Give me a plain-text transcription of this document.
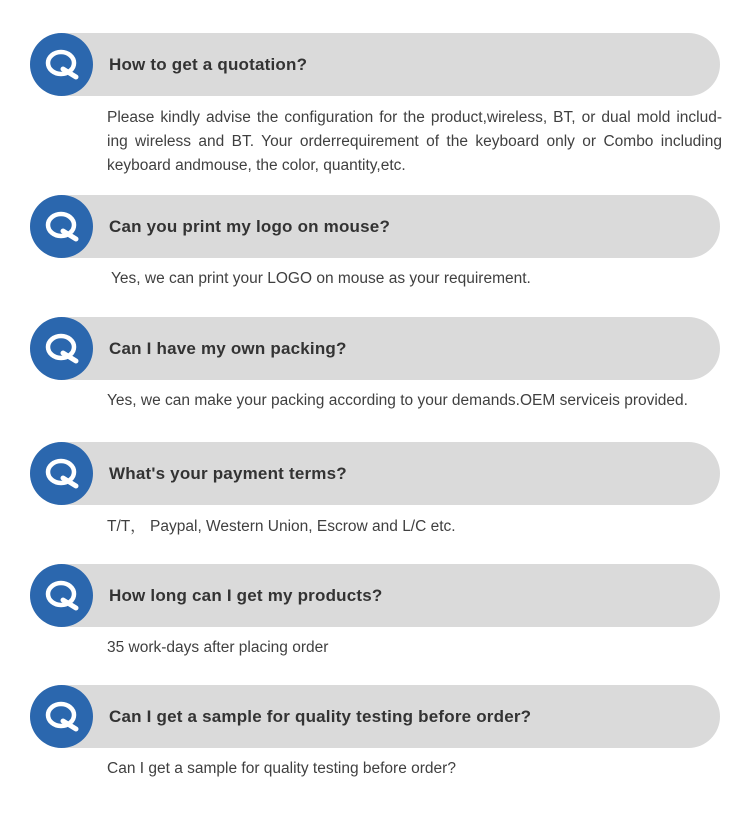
How to get a quotation?
Please kindly advise the configuration for the product,wireless, BT, or dual mold includ-ing wireless and BT. Your orderrequirement of the keyboard only or Combo including keyboard andmouse, the color, quantity,etc.
Can you print my logo on mouse?
Yes, we can print your LOGO on mouse as your requirement.
Can I have my own packing?
Yes, we can make your packing according to your demands.OEM serviceis provided.
What's your payment terms?
T/T， Paypal, Western Union, Escrow and L/C etc.
How long can I get my products?
35 work-days after placing order
Can I get a sample for quality testing before order?
Can I get a sample for quality testing before order?
